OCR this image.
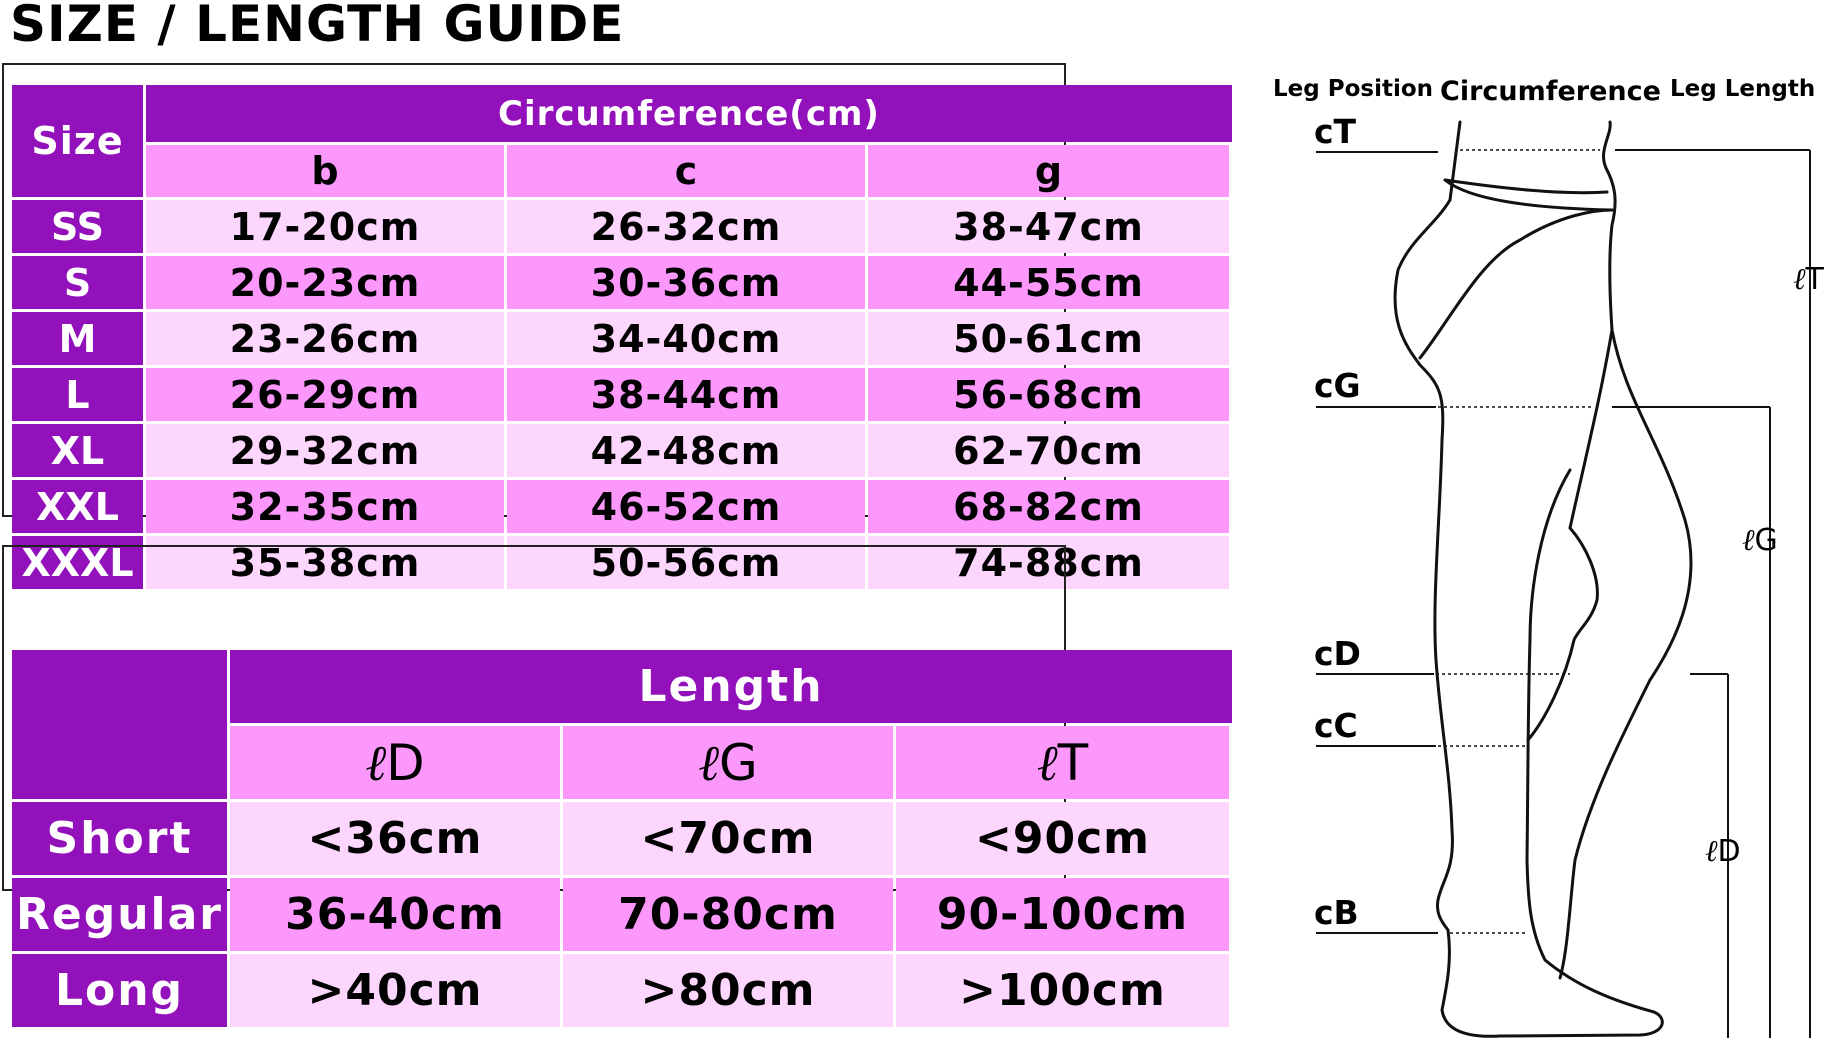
SIZE / LENGTH GUIDE
Size
Circumference(cm)
b	c	g
SS	17-20cm	26-32cm	38-47cm
S	20-23cm	30-36cm	44-55cm
M	23-26cm	34-40cm	50-61cm
L	26-29cm	38-44cm	56-68cm
XL	29-32cm	42-48cm	62-70cm
XXL	32-35cm	46-52cm	68-82cm
XXXL	35-38cm	50-56cm	74-88cm
Length
ℓ D	ℓ G	ℓ T
Short	<36cm	<70cm	<90cm
Regular	36-40cm	70-80cm	90-100cm
Long	>40cm	>80cm	>100cm
Leg Position Circumference Leg Length
cT
cG
cD
cC
cB
ℓT
ℓG
ℓD
